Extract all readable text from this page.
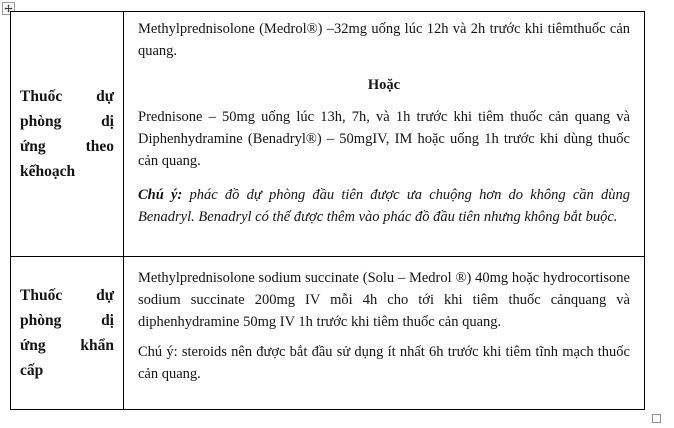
Thuốc dự
phòng dị
ứng theo
kếhoạch

Methylprednisolone (Medrol®) –32mg uống lúc 12h và 2h trước khi tiêmthuốc cản quang.

Hoặc

Prednisone – 50mg uống lúc 13h, 7h, và 1h trước khi tiêm thuốc cản quang và Diphenhydramine (Benadryl®) – 50mgIV, IM hoặc uống 1h trước khi dùng thuốc cản quang.

Chú ý: phác đồ dự phòng đầu tiên được ưa chuộng hơn do không cần dùng Benadryl. Benadryl có thể được thêm vào phác đồ đầu tiên nhưng không bắt buộc.

Thuốc dự
phòng dị
ứng khẩn
cấp

Methylprednisolone sodium succinate (Solu – Medrol ®) 40mg hoặc hydrocortisone sodium succinate 200mg IV mỗi 4h cho tới khi tiêm thuốc cảnquang và diphenhydramine 50mg IV 1h trước khi tiêm thuốc cản quang.

Chú ý: steroids nên được bắt đầu sử dụng ít nhất 6h trước khi tiêm tĩnh mạch thuốc cản quang.
